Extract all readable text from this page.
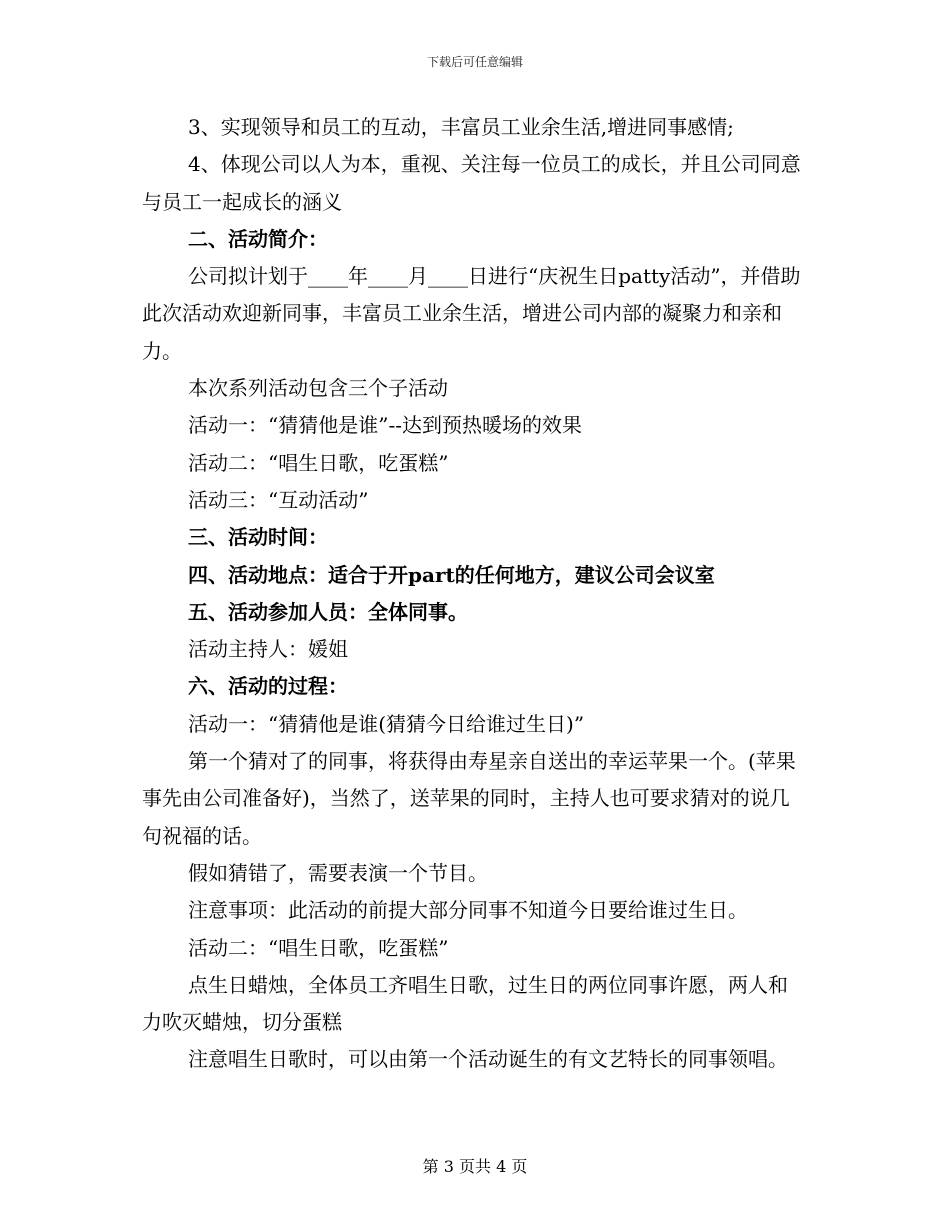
下载后可任意编辑

3、实现领导和员工的互动，丰富员工业余生活,增进同事感情;

4、体现公司以人为本，重视、关注每一位员工的成长，并且公司同意与员工一起成长的涵义

二、活动简介：

公司拟计划于____年____月____日进行“庆祝生日patty活动”，并借助此次活动欢迎新同事，丰富员工业余生活，增进公司内部的凝聚力和亲和力。

本次系列活动包含三个子活动

活动一：“猜猜他是谁”--达到预热暖场的效果

活动二：“唱生日歌，吃蛋糕”

活动三：“互动活动”

三、活动时间：

四、活动地点：适合于开part的任何地方，建议公司会议室

五、活动参加人员：全体同事。

活动主持人：媛姐

六、活动的过程：

活动一：“猜猜他是谁(猜猜今日给谁过生日)”

第一个猜对了的同事，将获得由寿星亲自送出的幸运苹果一个。(苹果事先由公司准备好)，当然了，送苹果的同时，主持人也可要求猜对的说几句祝福的话。

假如猜错了，需要表演一个节目。

注意事项：此活动的前提大部分同事不知道今日要给谁过生日。

活动二：“唱生日歌，吃蛋糕”

点生日蜡烛，全体员工齐唱生日歌，过生日的两位同事许愿，两人和力吹灭蜡烛，切分蛋糕

注意唱生日歌时，可以由第一个活动诞生的有文艺特长的同事领唱。

第 3 页共 4 页
